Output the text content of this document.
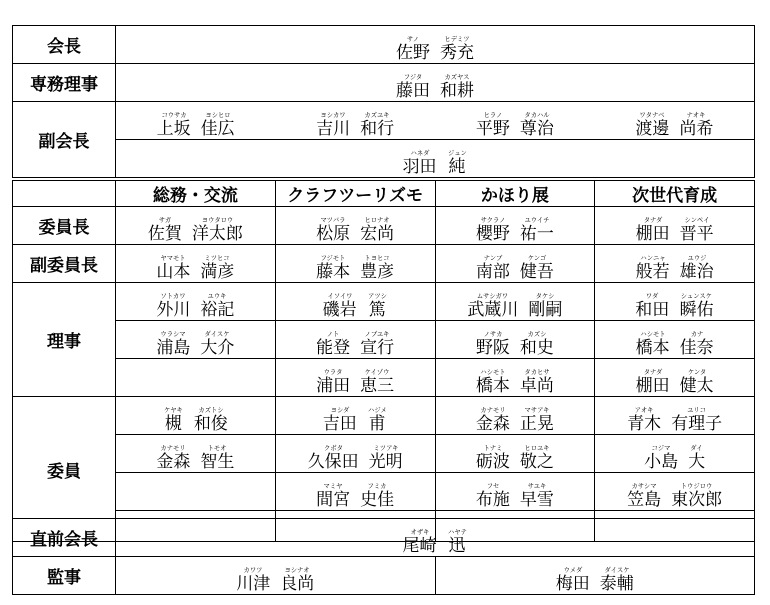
会長	サノ
佐野
ヒデミツ
秀充			

専務理事	フジタ
藤田
カズヤス
和耕			

副会長	コウサカ
上坂
ヨシヒロ
佳広	ヨシカワ
吉川
カズユキ
和行	ヒラノ
平野
タカハル
尊治	ワタナベ
渡邊
ナオキ
尚希

	ハネダ
羽田
ジュン
純			
	総務・交流	クラフツーリズモ	かほり展	次世代育成
委員長	サガ
佐賀
ヨウタロウ
洋太郎	マツバラ
松原
ヒロナオ
宏尚	サクラノ
櫻野
ユウイチ
祐一	タナダ
棚田
シンペイ
晋平

副委員長	ヤマモト
山本
ミツヒコ
満彦	フジモト
藤本
トヨヒコ
豊彦	ナンブ
南部
ケンゴ
健吾	ハンニャ
般若
ユウジ
雄治

理事	ソトカワ
外川
ユウキ
裕記	イソイワ
磯岩
アツシ
篤	ムサシガワ
武蔵川
タケシ
剛嗣	ワダ
和田
シュンスケ
瞬佑

	ウラシマ
浦島
ダイスケ
大介	ノト
能登
ノブユキ
宣行	ノサカ
野阪
カズシ
和史	ハシモト
橋本
カナ
佳奈

		ウラタ
浦田
ケイゾウ
恵三	ハシモト
橋本
タカヒサ
卓尚	タナダ
棚田
ケンタ
健太

委員	ケヤキ
槻
カズトシ
和俊	ヨシダ
吉田
ハジメ
甫	カナモリ
金森
マサアキ
正晃	アオキ
青木
ユリコ
有理子

	カナモリ
金森
トモオ
智生	クボタ
久保田
ミツアキ
光明	トナミ
砺波
ヒロユキ
敬之	コジマ
小島
ダイ
大

		マミヤ
間宮
フミカ
史佳	フセ
布施
サユキ
早雪	カサシマ
笠島
トウジロウ
東次郎

直前会長	オザキ
尾崎
ハヤテ
迅	

監事	カワツ
川津
ヨシナオ
良尚	ウメダ
梅田
ダイスケ
泰輔
